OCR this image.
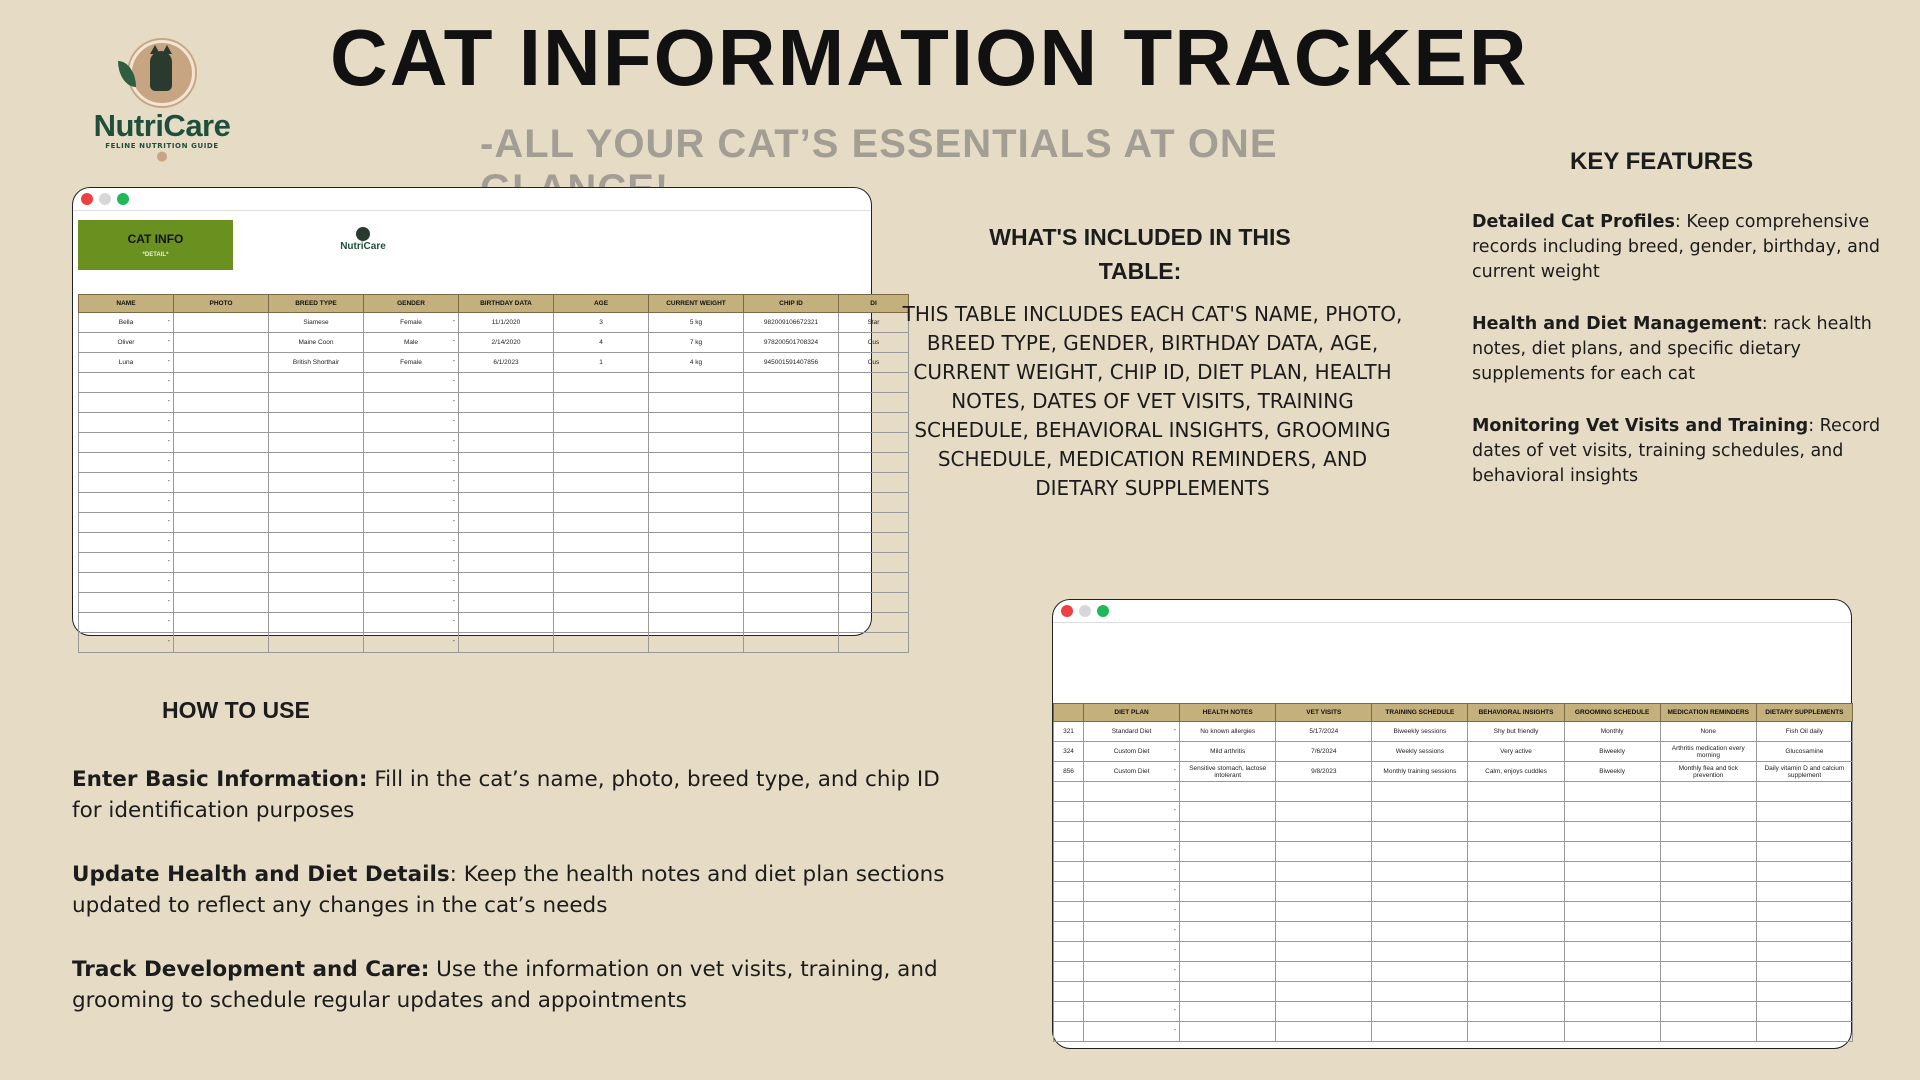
NutriCare
FELINE NUTRITION GUIDE
●
CAT INFORMATION TRACKER
-ALL YOUR CAT’S ESSENTIALS AT ONE
CAT INFO
*DETAIL*
NutriCare
NAME	PHOTO	BREED TYPE	GENDER	BIRTHDAY DATA	AGE	CURRENT WEIGHT	CHIP ID	DI
Bella -		Siamese	Female -	11/1/2020	3	5 kg	982009106672321	Star
Oliver -		Maine Coon	Male -	2/14/2020	4	7 kg	978200501708324	Cus
Luna -		British Shorthair	Female -	6/1/2023	1	4 kg	945001591407856	Cus
-			-					
-			-					
-			-					
-			-					
-			-					
-			-					
-			-					
-			-					
-			-					
-			-					
-			-					
-			-					
-			-					
-			-					
	DIET PLAN	HEALTH NOTES	VET VISITS	TRAINING SCHEDULE	BEHAVIORAL INSIGHTS	GROOMING SCHEDULE	MEDICATION REMINDERS	DIETARY SUPPLEMENTS
321	Standard Diet -	No known allergies	5/17/2024	Biweekly sessions	Shy but friendly	Monthly	None	Fish Oil daily
324	Custom Diet -	Mild arthritis	7/6/2024	Weekly sessions	Very active	Biweekly	Arthritis medication every morning	Glucosamine
856	Custom Diet -	Sensitive stomach, lactose intolerant	9/8/2023	Monthly training sessions	Calm, enjoys cuddles	Biweekly	Monthly flea and tick prevention	Daily vitamin D and calcium supplement
	-							
	-							
	-							
	-							
	-							
	-							
	-							
	-							
	-							
	-							
	-							
	-							
	-							
WHAT'S INCLUDED IN THIS TABLE:
THIS TABLE INCLUDES EACH CAT'S NAME, PHOTO, BREED TYPE, GENDER, BIRTHDAY DATA, AGE, CURRENT WEIGHT, CHIP ID, DIET PLAN, HEALTH NOTES, DATES OF VET VISITS, TRAINING SCHEDULE, BEHAVIORAL INSIGHTS, GROOMING SCHEDULE, MEDICATION REMINDERS, AND DIETARY SUPPLEMENTS
KEY FEATURES

Detailed Cat Profiles: Keep comprehensive records including breed, gender, birthday, and current weight

Health and Diet Management: rack health notes, diet plans, and specific dietary supplements for each cat

Monitoring Vet Visits and Training: Record dates of vet visits, training schedules, and behavioral insights

HOW TO USE

Enter Basic Information: Fill in the cat’s name, photo, breed type, and chip ID for identification purposes

Update Health and Diet Details: Keep the health notes and diet plan sections updated to reflect any changes in the cat’s needs

Track Development and Care: Use the information on vet visits, training, and grooming to schedule regular updates and appointments
